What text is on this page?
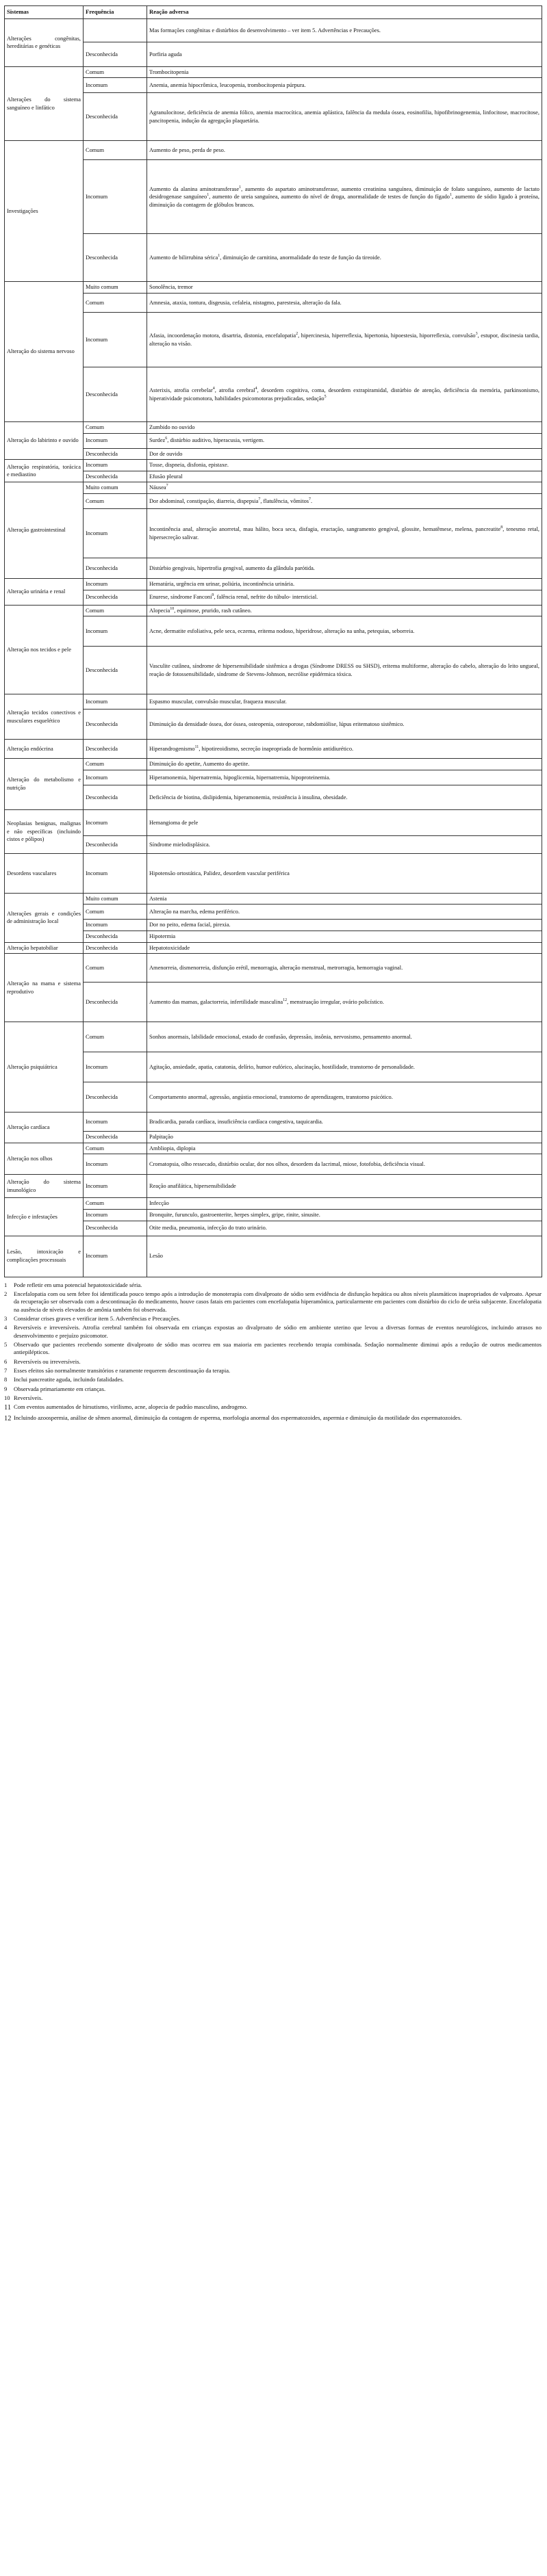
Sistemas	Frequência	Reação adversa
Alterações congênitas, hereditárias e genéticas		Mas formações congênitas e distúrbios do desenvolvimento – ver item 5. Advertências e Precauções.
	Desconhecida	Porfiria aguda
Alterações do sistema sanguíneo e linfático	Comum	Trombocitopenia
	Incomum	Anemia, anemia hipocrômica, leucopenia, trombocitopenia púrpura.
	Desconhecida	Agranulocitose, deficiência de anemia fólico, anemia macrocítica, anemia aplástica, falência da medula óssea, eosinofilia, hipofibrinogenemia, linfocitose, macrocitose, pancitopenia, indução da agregação plaquetária.
Investigações	Comum	Aumento de peso, perda de peso.
	Incomum	Aumento da alanina aminotransferase$^1$, aumento do aspartato aminotransferase, aumento creatinina sanguínea, diminuição de folato sanguíneo, aumento de lactato desidrogenase sanguíneo$^1$, aumento de ureia sanguínea, aumento do nível de droga, anormalidade de testes de função do fígado$^1$, aumento de sódio ligado à proteína, diminuição da contagem de glóbulos brancos.
	Desconhecida	Aumento de bilirrubina sérica$^1$, diminuição de carnitina, anormalidade do teste de função da tireoide.
Alteração do sistema nervoso	Muito comum	Sonolência, tremor
	Comum	Amnesia, ataxia, tontura, disgeusia, cefaleia, nistagmo, parestesia, alteração da fala.
	Incomum	Afasia, incoordenação motora, disartria, distonia, encefalopatia$^2$, hipercinesia, hiperreflexia, hipertonia, hipoestesia, hiporreflexia, convulsão$^3$, estupor, discinesia tardia, alteração na visão.
	Desconhecida	Asterixis, atrofia cerebelar$^4$, atrofia cerebral$^4$, desordem cognitiva, coma, desordem extrapiramidal, distúrbio de atenção, deficiência da memória, parkinsonismo, hiperatividade psicomotora, habilidades psicomotoras prejudicadas, sedação$^5$
Alteração do labirinto e ouvido	Comum	Zumbido no ouvido
	Incomum	Surdez$^6$, distúrbio auditivo, hiperacusia, vertigem.
	Desconhecida	Dor de ouvido
Alteração respiratória, torácica e mediastino	Incomum	Tosse, dispneia, disfonia, epistaxe.
	Desconhecida	Efusão pleural
Alteração gastrointestinal	Muito comum	Náusea$^7$
	Comum	Dor abdominal, constipação, diarreia, dispepsia$^7$, flatulência, vômitos$^7$.
	Incomum	Incontinência anal, alteração anorretal, mau hálito, boca seca, disfagia, eructação, sangramento gengival, glossite, hematêmese, melena, pancreatite$^8$, tenesmo retal, hipersecreção salivar.
	Desconhecida	Distúrbio gengivais, hipertrofia gengival, aumento da glândula parótida.
Alteração urinária e renal	Incomum	Hematúria, urgência em urinar, poliúria, incontinência urinária.
	Desconhecida	Enurese, síndrome Fanconi$^9$, falência renal, nefrite do túbulo- intersticial.
Alteração nos tecidos e pele	Comum	Alopecia$^{10}$, equimose, prurido, rash cutâneo.
	Incomum	Acne, dermatite esfoliativa, pele seca, eczema, eritema nodoso, hiperidrose, alteração na unha, petequias, seborreia.
	Desconhecida	Vasculite cutânea, síndrome de hipersensibilidade sistêmica a drogas (Síndrome DRESS ou SHSD), eritema multiforme, alteração do cabelo, alteração do leito ungueal, reação de fotossensibilidade, síndrome de Stevens-Johnson, necrólise epidérmica tóxica.
Alteração tecidos conectivos e musculares esquelético	Incomum	Espasmo muscular, convulsão muscular, fraqueza muscular.
	Desconhecida	Diminuição da densidade óssea, dor óssea, osteopenia, osteoporose, rabdomiólise, lúpus eritematoso sistêmico.
Alteração endócrina	Desconhecida	Hiperandrogenismo$^{11}$, hipotireoidismo, secreção inapropriada de hormônio antidiurético.
Alteração do metabolismo e nutrição	Comum	Diminuição do apetite, Aumento do apetite.
	Incomum	Hiperamonemia, hipernatremia, hipoglicemia, hipernatremia, hipoproteinemia.
	Desconhecida	Deficiência de biotina, dislipidemia, hiperamonemia, resistência à insulina, obesidade.
Neoplasias benignas, malignas e não específicas (incluindo cistos e pólipos)	Incomum	Hemangioma de pele
	Desconhecida	Síndrome mielodisplásica.
Desordens vasculares	Incomum	Hipotensão ortostática, Palidez, desordem vascular periférica
Alterações gerais e condições de administração local	Muito comum	Astenia
	Comum	Alteração na marcha, edema periférico.
	Incomum	Dor no peito, edema facial, pirexia.
	Desconhecida	Hipotermia
Alteração hepatobiliar	Desconhecida	Hepatotoxicidade
Alteração na mama e sistema reprodutivo	Comum	Amenorreia, dismenorreia, disfunção erétil, menorragia, alteração menstrual, metrorragia, hemorragia vaginal.
	Desconhecida	Aumento das mamas, galactorreia, infertilidade masculina$^{12}$, menstruação irregular, ovário policístico.
Alteração psiquiátrica	Comum	Sonhos anormais, labilidade emocional, estado de confusão, depressão, insônia, nervosismo, pensamento anormal.
	Incomum	Agitação, ansiedade, apatia, catatonia, delírio, humor eufórico, alucinação, hostilidade, transtorno de personalidade.
	Desconhecida	Comportamento anormal, agressão, angústia emocional, transtorno de aprendizagem, transtorno psicótico.
Alteração cardíaca	Incomum	Bradicardia, parada cardíaca, insuficiência cardíaca congestiva, taquicardia.
	Desconhecida	Palpitação
Alteração nos olhos	Comum	Ambliopia, diplopia
	Incomum	Cromatopsia, olho ressecado, distúrbio ocular, dor nos olhos, desordem da lacrimal, miose, fotofobia, deficiência visual.
Alteração do sistema imunológico	Incomum	Reação anafilática, hipersensibilidade
Infecção e infestações	Comum	Infecção
	Incomum	Bronquite, furunculo, gastroenterite, herpes simplex, gripe, rinite, sinusite.
	Desconhecida	Otite media, pneumonia, infecção do trato urinário.
Lesão, intoxicação e complicações processuais	Incomum	Lesão
1	Pode refletir em uma potencial hepatotoxicidade séria.
2	Encefalopatia com ou sem febre foi identificada pouco tempo após a introdução de monoterapia com divalproato de sódio sem evidência de disfunção hepática ou altos níveis plasmáticos inapropriados de valproato. Apesar da recuperação ser observada com a descontinuação do medicamento, houve casos fatais em pacientes com encefalopatia hiperamônica, particularmente em pacientes com distúrbio do ciclo de uréia subjacente. Encefalopatia na ausência de níveis elevados de amônia também foi observada.
3	Considerar crises graves e verificar item 5. Advertências e Precauções.
4	Reversíveis e irreversíveis. Atrofia cerebral também foi observada em crianças expostas ao divalproato de sódio em ambiente uterino que levou a diversas formas de eventos neurológicos, incluindo atrasos no desenvolvimento e prejuízo psicomotor.
5	Observado que pacientes recebendo somente divalproato de sódio mas ocorreu em sua maioria em pacientes recebendo terapia combinada. Sedação normalmente diminui após a redução de outros medicamentos antiepilépticos.
6	Reversíveis ou irreversíveis.
7	Esses efeitos são normalmente transitórios e raramente requerem descontinuação da terapia.
8	Inclui pancreatite aguda, incluindo fatalidades.
9	Observada primariamente em crianças.
10 Reversíveis.
11 Com eventos aumentados de hirsutismo, virilismo, acne, alopecia de padrão masculino, androgeno.
12 Incluindo azoospermia, análise de sêmen anormal, diminuição da contagem de esperma, morfologia anormal dos espermatozoides, aspermia e diminuição da motilidade dos espermatozoides.
